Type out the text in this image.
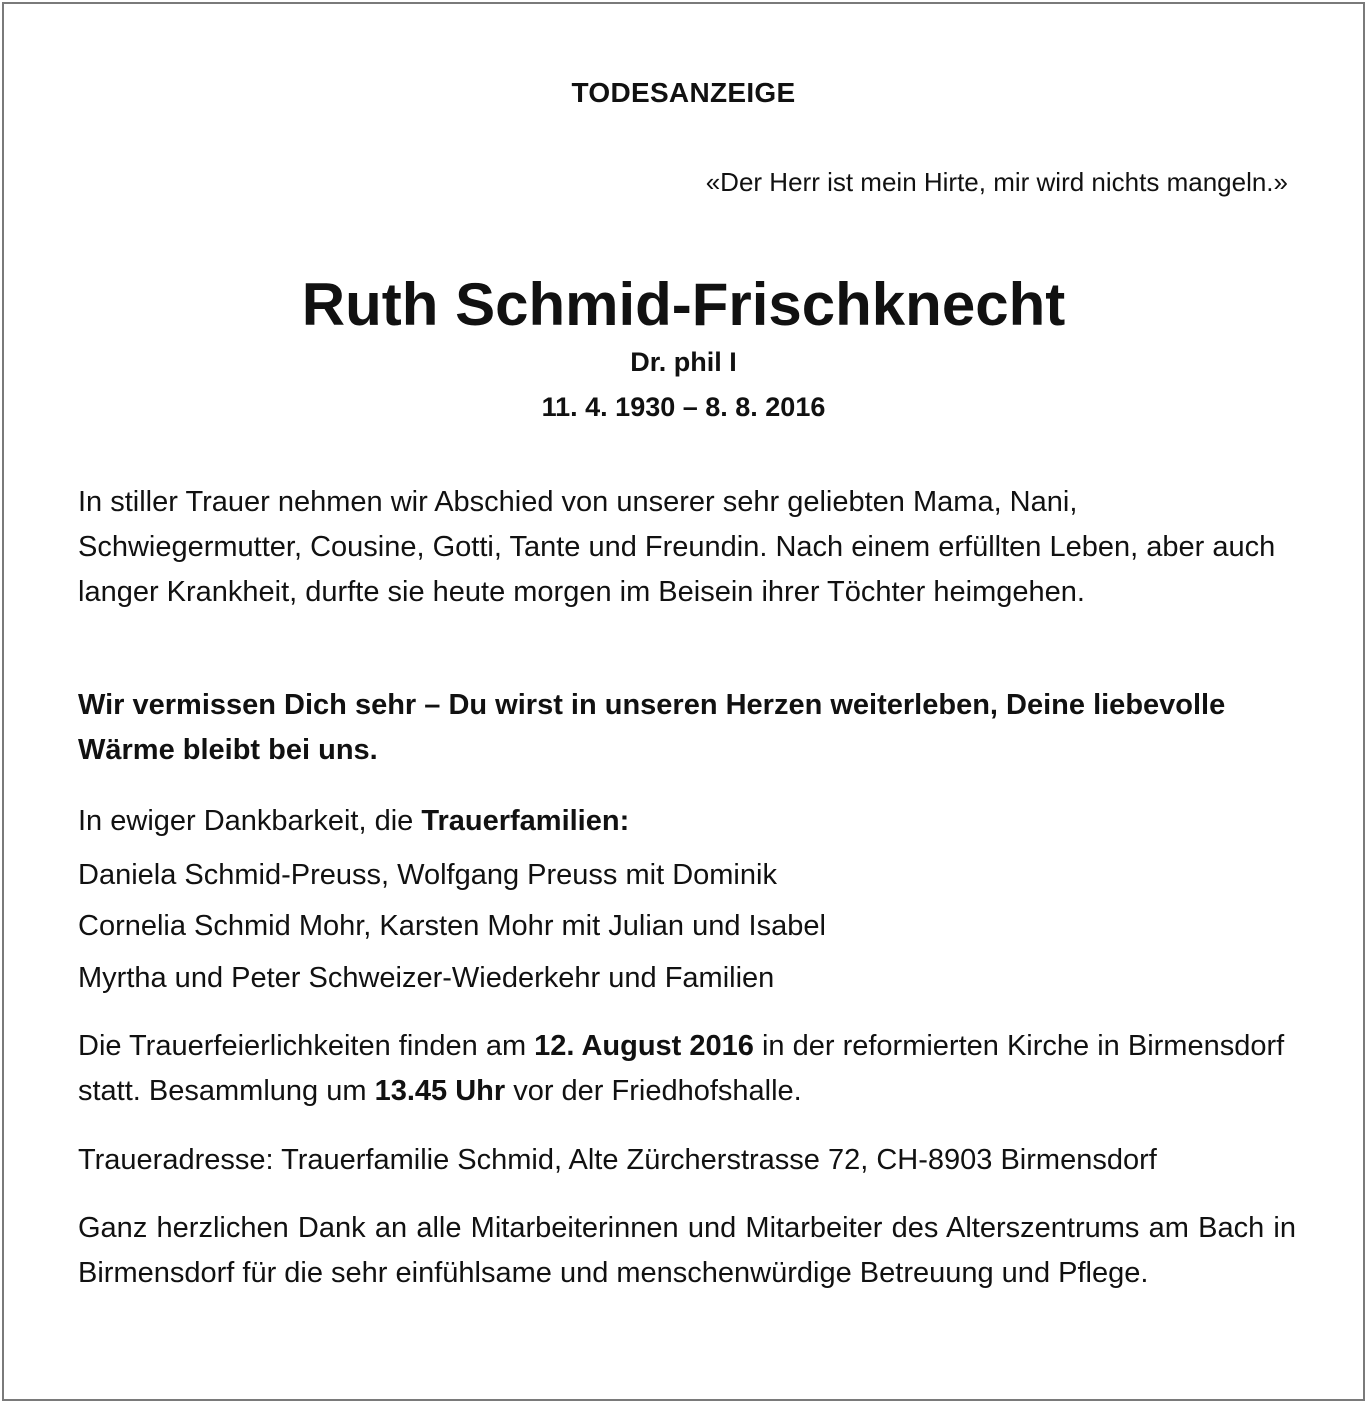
TODESANZEIGE
«Der Herr ist mein Hirte, mir wird nichts mangeln.»
Ruth Schmid-Frischknecht
Dr. phil I
11. 4. 1930 – 8. 8. 2016
In stiller Trauer nehmen wir Abschied von unserer sehr geliebten Mama, Nani, Schwiegermutter, Cousine, Gotti, Tante und Freundin. Nach einem erfüllten Leben, aber auch langer Krankheit, durfte sie heute morgen im Beisein ihrer Töchter heimgehen.
Wir vermissen Dich sehr – Du wirst in unseren Herzen weiterleben, Deine liebevolle Wärme bleibt bei uns.
In ewiger Dankbarkeit, die Trauerfamilien:
Daniela Schmid-Preuss, Wolfgang Preuss mit Dominik
Cornelia Schmid Mohr, Karsten Mohr mit Julian und Isabel
Myrtha und Peter Schweizer-Wiederkehr und Familien
Die Trauerfeierlichkeiten finden am 12. August 2016 in der reformierten Kirche in Birmensdorf statt. Besammlung um 13.45 Uhr vor der Friedhofshalle.
Traueradresse: Trauerfamilie Schmid, Alte Zürcherstrasse 72, CH-8903 Birmensdorf
Ganz herzlichen Dank an alle Mitarbeiterinnen und Mitarbeiter des Alterszentrums am Bach in Birmensdorf für die sehr einfühlsame und menschenwürdige Betreuung und Pflege.
